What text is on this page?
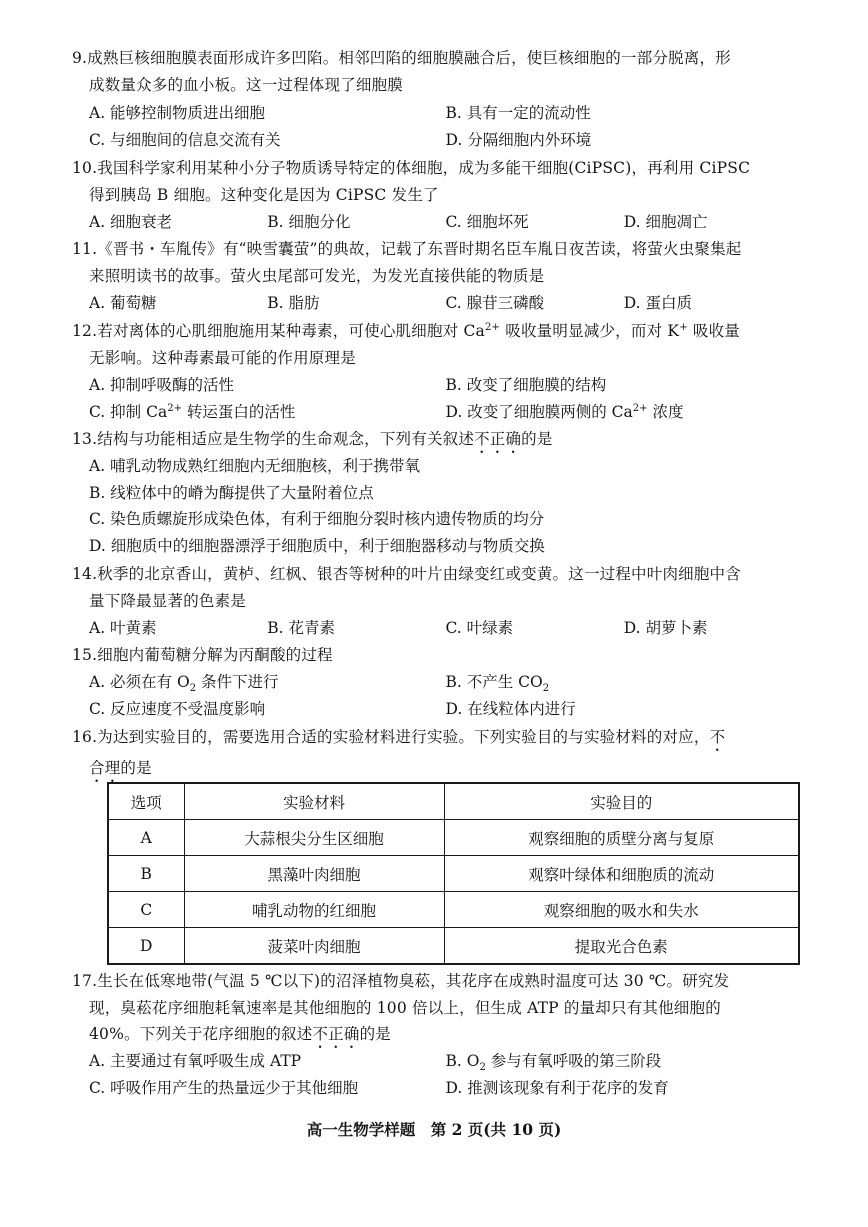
9.成熟巨核细胞膜表面形成许多凹陷。相邻凹陷的细胞膜融合后，使巨核细胞的一部分脱离，形
成数量众多的血小板。这一过程体现了细胞膜
A. 能够控制物质进出细胞	B. 具有一定的流动性
C. 与细胞间的信息交流有关	D. 分隔细胞内外环境
10.我国科学家利用某种小分子物质诱导特定的体细胞，成为多能干细胞(CiPSC)，再利用 CiPSC
得到胰岛 B 细胞。这种变化是因为 CiPSC 发生了
A. 细胞衰老	B. 细胞分化	C. 细胞坏死	D. 细胞凋亡
11.《晋书・车胤传》有“映雪囊萤”的典故，记载了东晋时期名臣车胤日夜苦读，将萤火虫聚集起
来照明读书的故事。萤火虫尾部可发光，为发光直接供能的物质是
A. 葡萄糖	B. 脂肪	C. 腺苷三磷酸	D. 蛋白质
12.若对离体的心肌细胞施用某种毒素，可使心肌细胞对 $Ca^{2+}$ 吸收量明显减少，而对 K+ 吸收量
无影响。这种毒素最可能的作用原理是
A. 抑制呼吸酶的活性	B. 改变了细胞膜的结构
C. 抑制 $Ca^{2+}$ 转运蛋白的活性	D. 改变了细胞膜两侧的 $Ca^{2+}$ 浓度
13.结构与功能相适应是生物学的生命观念，下列有关叙述不正确的是
A. 哺乳动物成熟红细胞内无细胞核，利于携带氧
B. 线粒体中的嵴为酶提供了大量附着位点
C. 染色质螺旋形成染色体，有利于细胞分裂时核内遗传物质的均分
D. 细胞质中的细胞器漂浮于细胞质中，利于细胞器移动与物质交换
14.秋季的北京香山，黄栌、红枫、银杏等树种的叶片由绿变红或变黄。这一过程中叶肉细胞中含
量下降最显著的色素是
A. 叶黄素	B. 花青素	C. 叶绿素	D. 胡萝卜素
15.细胞内葡萄糖分解为丙酮酸的过程
A. 必须在有 $O_2$ 条件下进行	B. 不产生 $CO_2$
C. 反应速度不受温度影响	D. 在线粒体内进行
16.为达到实验目的，需要选用合适的实验材料进行实验。下列实验目的与实验材料的对应，不
合理的是
选项	实验材料	实验目的
A	大蒜根尖分生区细胞	观察细胞的质壁分离与复原
B	黑藻叶肉细胞	观察叶绿体和细胞质的流动
C	哺乳动物的红细胞	观察细胞的吸水和失水
D	菠菜叶肉细胞	提取光合色素
17.生长在低寒地带(气温 5 ℃以下)的沼泽植物臭菘，其花序在成熟时温度可达 30 ℃。研究发
现，臭菘花序细胞耗氧速率是其他细胞的 100 倍以上，但生成 ATP 的量却只有其他细胞的
40%。下列关于花序细胞的叙述不正确的是
A. 主要通过有氧呼吸生成 ATP	B. $O_2$ 参与有氧呼吸的第三阶段
C. 呼吸作用产生的热量远少于其他细胞	D. 推测该现象有利于花序的发育
高一生物学样题　第 2 页(共 10 页)
